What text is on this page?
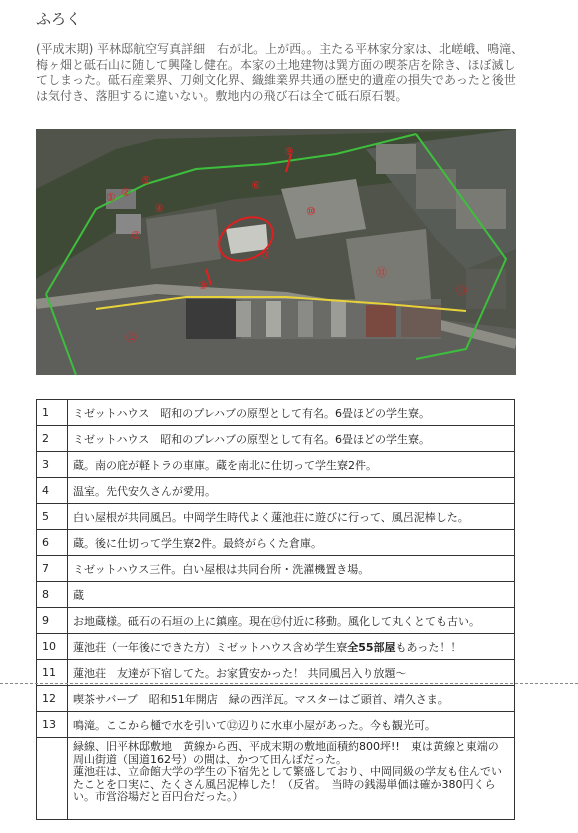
ふろく
(平成末期) 平林邸航空写真詳細　右が北。上が西。。主たる平林家分家は、北嵯峨、鳴滝、梅ヶ畑と砥石山に随して興隆し健在。本家の土地建物は巽方面の喫茶店を除き、ほぼ滅してしまった。砥石産業界、刀剣文化界、織維業界共通の歴史的遺産の損失であったと後世は気付き、落胆するに違いない。敷地内の飛び石は全て砥石原石製。
① ②
③
④
⑤	⑥
⑦
⑧
⑨
⑩
⑪
⑫
⑬
1	ミゼットハウス　昭和のプレハブの原型として有名。6畳ほどの学生寮。
2	ミゼットハウス　昭和のプレハブの原型として有名。6畳ほどの学生寮。
3	蔵。南の庇が軽トラの車庫。蔵を南北に仕切って学生寮2件。
4	温室。先代安久さんが愛用。
5	白い屋根が共同風呂。中岡学生時代よく蓮池荘に遊びに行って、風呂泥棒した。
6	蔵。後に仕切って学生寮2件。最終がらくた倉庫。
7	ミゼットハウス三件。白い屋根は共同台所・洗濯機置き場。
8	蔵
9	お地蔵様。砥石の石垣の上に鎮座。現在⑫付近に移動。風化して丸くとても古い。
10	蓮池荘（一年後にできた方）ミゼットハウス含め学生寮全55部屋もあった！！
11	蓮池荘　友達が下宿してた。お家賃安かった！ 共同風呂入り放題～
12	喫茶サバーブ　昭和51年開店　緑の西洋瓦。マスターはご頭首、靖久さま。
13	鳴滝。ここから樋で水を引いて⑫辺りに水車小屋があった。今も観光可。
	緑線、旧平林邸敷地　黄線から西、平成末期の敷地面積約800坪!!　東は黄線と東端の周山街道（国道162号）の間は、かつて田んぼだった。
蓮池荘は、立命館大学の学生の下宿先として繁盛しており、中岡同級の学友も住んでいたことを口実に、たくさん風呂泥棒した！（反省。　当時の銭湯単価は確か380円くらい。市営浴場だと百円台だった。）
